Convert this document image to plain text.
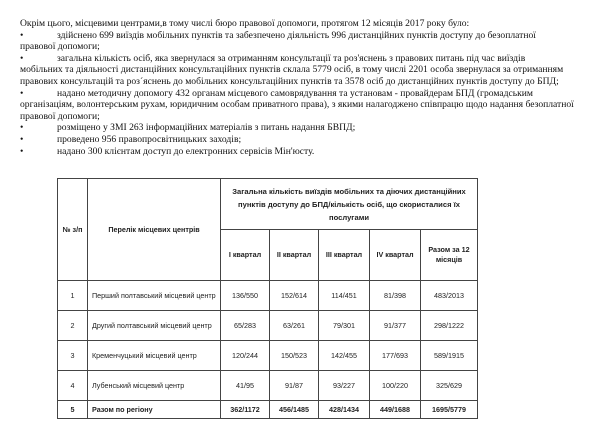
Окрім цього, місцевими центрами,в тому числі бюро правової допомоги, протягом 12 місяців 2017 року було:

•	здійснено 699 виїздів мобільних пунктів та забезпечено діяльність 996 дистанційних пунктів доступу до безоплатної
правової допомоги;

•	загальна кількість осіб, яка звернулася за отриманням консультації та роз'яснень з правових питань під час виїздів
мобільних та діяльності дистанційних консультаційних пунктів склала 5779 осіб, в тому числі 2201 особа звернулася за отриманням правових консультацій та роз´яснень до мобільних консультаційних пунктів та 3578 осіб до дистанційних пунктів доступу до БПД;

•	надано методичну допомогу 432 органам місцевого самоврядування та установам - провайдерам БПД (громадським
організаціям, волонтерським рухам, юридичним особам приватного права), з якими налагоджено співпрацю щодо надання безоплатної правової допомоги;

•	розміщено у ЗМІ 263 інформаційних матеріалів з питань надання БВПД;

•	проведено 956 правопросвітницьких заходів;

•	надано 300 клієнтам доступ до електронних сервісів Мін'юсту.

№ з/п	Перелік місцевих центрів	Загальна кількість виїздів мобільних та діючих дистанційних пунктів доступу до БПД/кількість осіб, що скористалися їх послугами				
		I квартал	II квартал	III квартал	IV квартал	Разом за 12 місяців
1	Перший полтавський місцевий центр	136/550	152/614	114/451	81/398	483/2013
2	Другий полтавський місцевий центр	65/283	63/261	79/301	91/377	298/1222
3	Кременчуцький місцевий центр	120/244	150/523	142/455	177/693	589/1915
4	Лубенський місцевий центр	41/95	91/87	93/227	100/220	325/629
5	Разом по регіону	362/1172	456/1485	428/1434	449/1688	1695/5779
